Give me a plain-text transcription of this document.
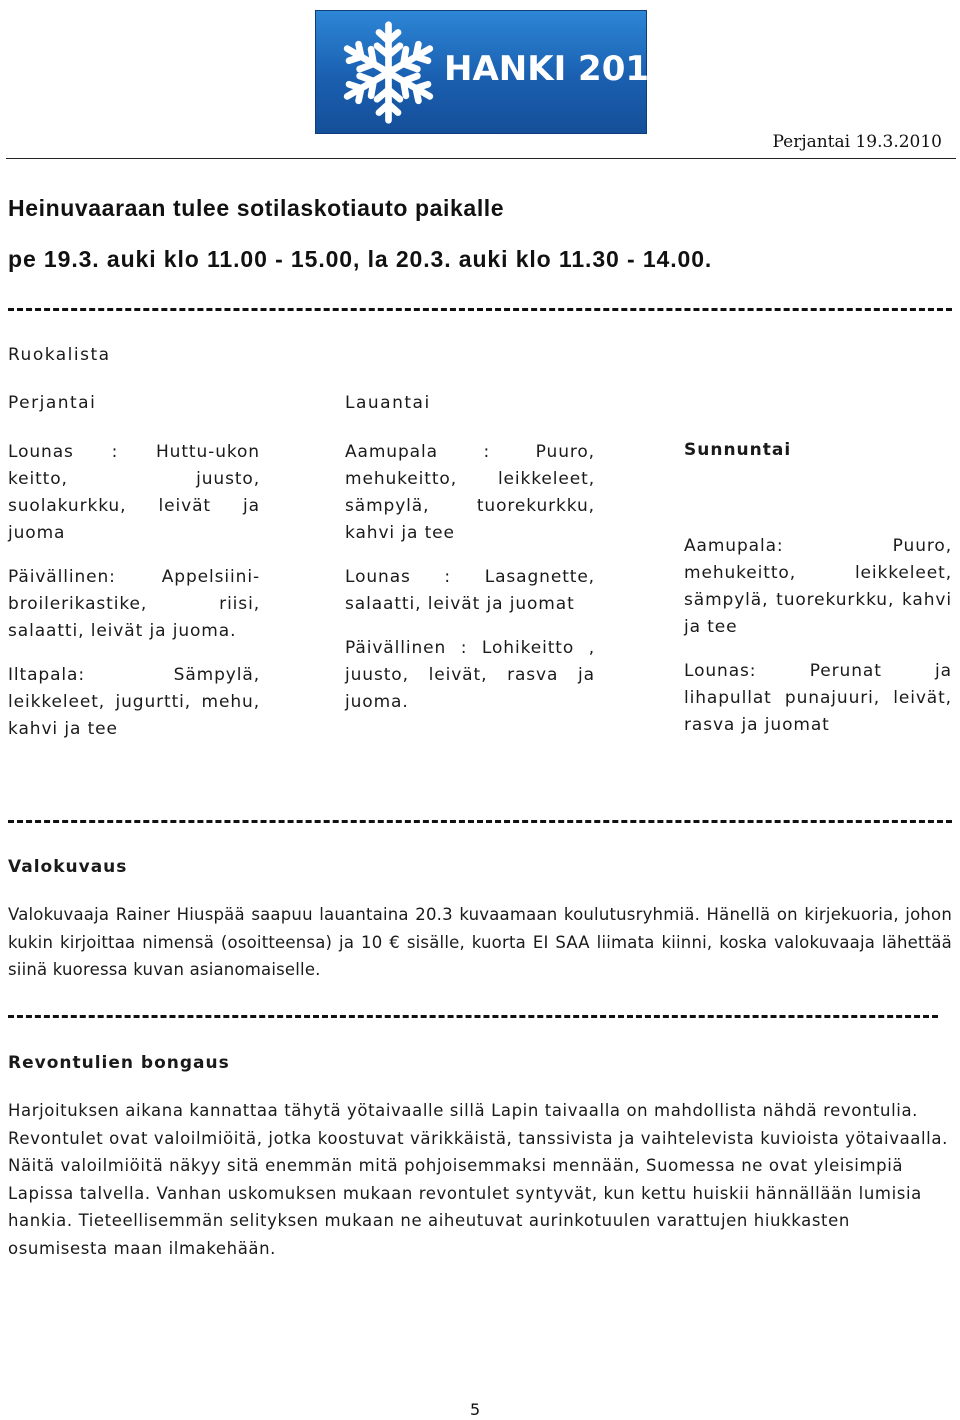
HANKI 2010
Perjantai 19.3.2010
Heinuvaaraan tulee sotilaskotiauto paikalle
pe 19.3. auki klo 11.00 - 15.00, la 20.3. auki klo 11.30 - 14.00.
Ruokalista
Perjantai	Lauantai

Lounas : Huttu-ukon keitto, juusto, suolakurkku, leivät ja juoma

Päivällinen: Appelsiini-broilerikastike, riisi, salaatti, leivät ja juoma.

Iltapala: Sämpylä, leikkeleet, jugurtti, mehu, kahvi ja tee

Aamupala : Puuro, mehukeitto, leikkeleet, sämpylä, tuorekurkku, kahvi ja tee

Lounas : Lasagnette, salaatti, leivät ja juomat

Päivällinen : Lohikeitto , juusto, leivät, rasva ja juoma.

Sunnuntai

Aamupala: Puuro, mehukeitto, leikkeleet, sämpylä, tuorekurkku, kahvi ja tee

Lounas: Perunat ja lihapullat punajuuri, leivät, rasva ja juomat

Valokuvaus
Valokuvaaja Rainer Hiuspää saapuu lauantaina 20.3 kuvaamaan koulutusryhmiä. Hänellä on kirjekuoria, johon kukin kirjoittaa nimensä (osoitteensa) ja 10 € sisälle, kuorta EI SAA liimata kiinni, koska valokuvaaja lähettää siinä kuoressa kuvan asianomaiselle.
Revontulien bongaus
Harjoituksen aikana kannattaa tähytä yötaivaalle sillä Lapin taivaalla on mahdollista nähdä revontulia. Revontulet ovat valoilmiöitä, jotka koostuvat värikkäistä, tanssivista ja vaihtelevista kuvioista yötaivaalla. Näitä valoilmiöitä näkyy sitä enemmän mitä pohjoisemmaksi mennään, Suomessa ne ovat yleisimpiä Lapissa talvella. Vanhan uskomuksen mukaan revontulet syntyvät, kun kettu huiskii hännällään lumisia hankia. Tieteellisemmän selityksen mukaan ne aiheutuvat aurinkotuulen varattujen hiukkasten osumisesta maan ilmakehään.
5
